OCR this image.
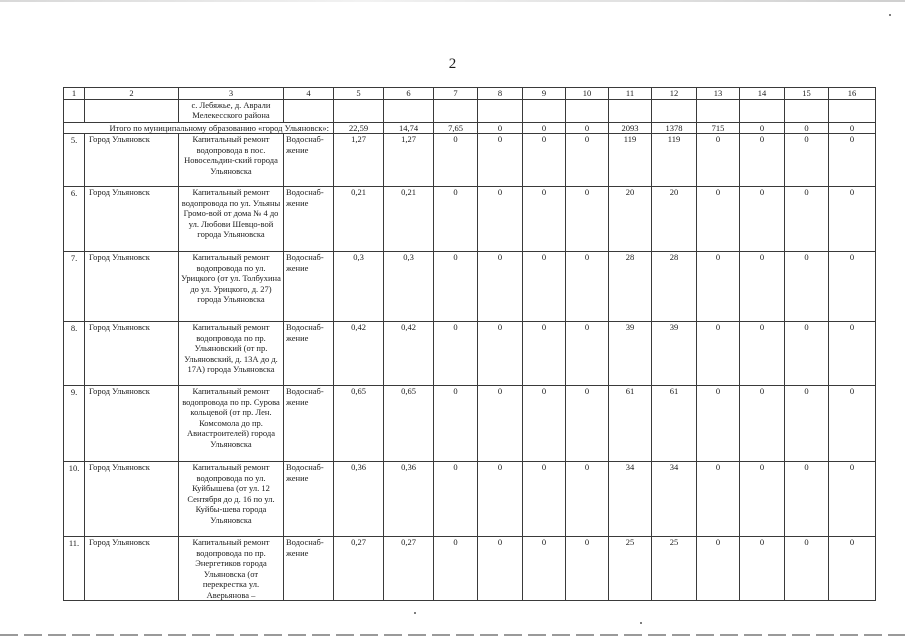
2
1	2	3	4	5	6	7	8	9	10	11	12	13	14	15	16
		с. Лебяжье, д. Аврали Мелекесского района													
Итого по муниципальному образованию «город Ульяновск»:				22,59	14,74	7,65	0	0	0	2093	1378	715	0	0	0
5.	Город Ульяновск	Капитальный ремонт водопровода в пос. Новосельдин-ский города Ульяновска	Водоснаб-жение	1,27	1,27	0	0	0	0	119	119	0	0	0	0
6.	Город Ульяновск	Капитальный ремонт водопровода по ул. Ульяны Громо-вой от дома № 4 до ул. Любови Шевцо-вой города Ульяновска	Водоснаб-жение	0,21	0,21	0	0	0	0	20	20	0	0	0	0
7.	Город Ульяновск	Капитальный ремонт водопровода по ул. Урицкого (от ул. Толбухина до ул. Урицкого, д. 27) города Ульяновска	Водоснаб-жение	0,3	0,3	0	0	0	0	28	28	0	0	0	0
8.	Город Ульяновск	Капитальный ремонт водопровода по пр. Ульяновский (от пр. Ульяновский, д. 13А до д. 17А) города Ульяновска	Водоснаб-жение	0,42	0,42	0	0	0	0	39	39	0	0	0	0
9.	Город Ульяновск	Капитальный ремонт водопровода по пр. Сурова кольцевой (от пр. Лен. Комсомола до пр. Авиастроителей) города Ульяновска	Водоснаб-жение	0,65	0,65	0	0	0	0	61	61	0	0	0	0
10.	Город Ульяновск	Капитальный ремонт водопровода по ул. Куйбышева (от ул. 12 Сентября до д. 16 по ул. Куйбы-шева города Ульяновска	Водоснаб-жение	0,36	0,36	0	0	0	0	34	34	0	0	0	0
11.	Город Ульяновск	Капитальный ремонт водопровода по пр. Энергетиков города Ульяновска (от перекрестка ул. Аверьянова –	Водоснаб-жение	0,27	0,27	0	0	0	0	25	25	0	0	0	0
